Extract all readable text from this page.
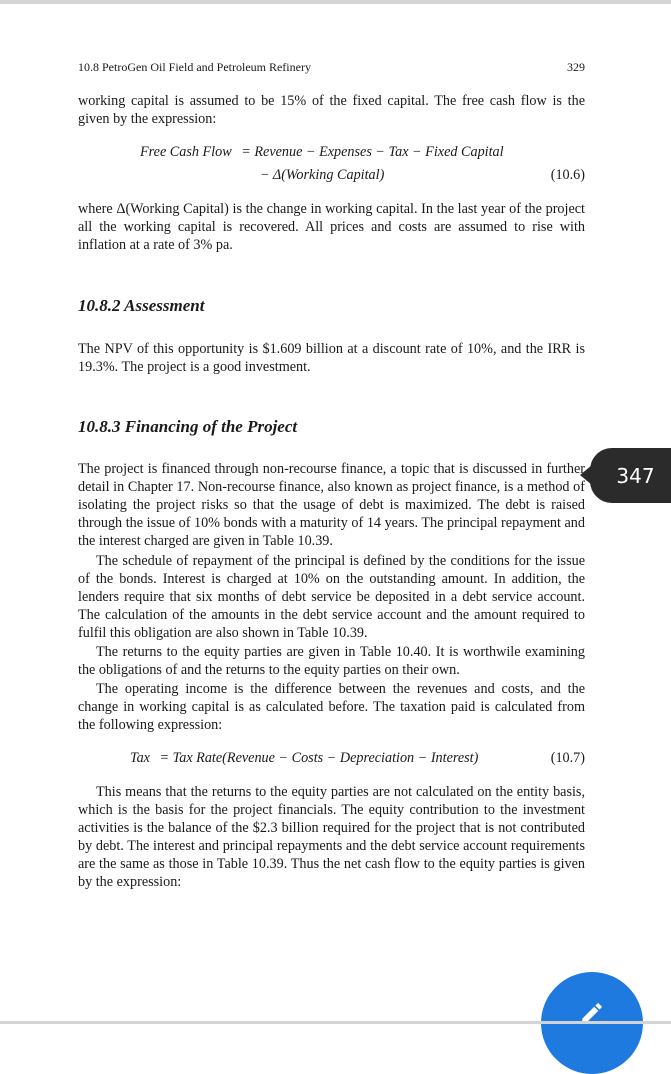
10.8 PetroGen Oil Field and Petroleum Refinery	329

working capital is assumed to be 15% of the fixed capital. The free cash flow is the given by the expression:

Free Cash Flow = Revenue − Expenses − Tax − Fixed Capital
− Δ(Working Capital)	(10.6)

where Δ(Working Capital) is the change in working capital. In the last year of the project all the working capital is recovered. All prices and costs are assumed to rise with inflation at a rate of 3% pa.

10.8.2 Assessment

The NPV of this opportunity is $1.609 billion at a discount rate of 10%, and the IRR is 19.3%. The project is a good investment.

10.8.3 Financing of the Project

The project is financed through non-recourse finance, a topic that is discussed in further detail in Chapter 17. Non-recourse finance, also known as project finance, is a method of isolating the project risks so that the usage of debt is maximized. The debt is raised through the issue of 10% bonds with a maturity of 14 years. The principal repayment and the interest charged are given in Table 10.39.

The schedule of repayment of the principal is defined by the conditions for the issue of the bonds. Interest is charged at 10% on the outstanding amount. In addition, the lenders require that six months of debt service be deposited in a debt service account. The calculation of the amounts in the debt service account and the amount required to fulfil this obligation are also shown in Table 10.39.

The returns to the equity parties are given in Table 10.40. It is worthwile examining the obligations of and the returns to the equity parties on their own.

The operating income is the difference between the revenues and costs, and the change in working capital is as calculated before. The taxation paid is calculated from the following expression:

Tax = Tax Rate(Revenue − Costs − Depreciation − Interest)	(10.7)

This means that the returns to the equity parties are not calculated on the entity basis, which is the basis for the project financials. The equity contribution to the investment activities is the balance of the $2.3 billion required for the project that is not contributed by debt. The interest and principal repayments and the debt service account requirements are the same as those in Table 10.39. Thus the net cash flow to the equity parties is given by the expression:

347
